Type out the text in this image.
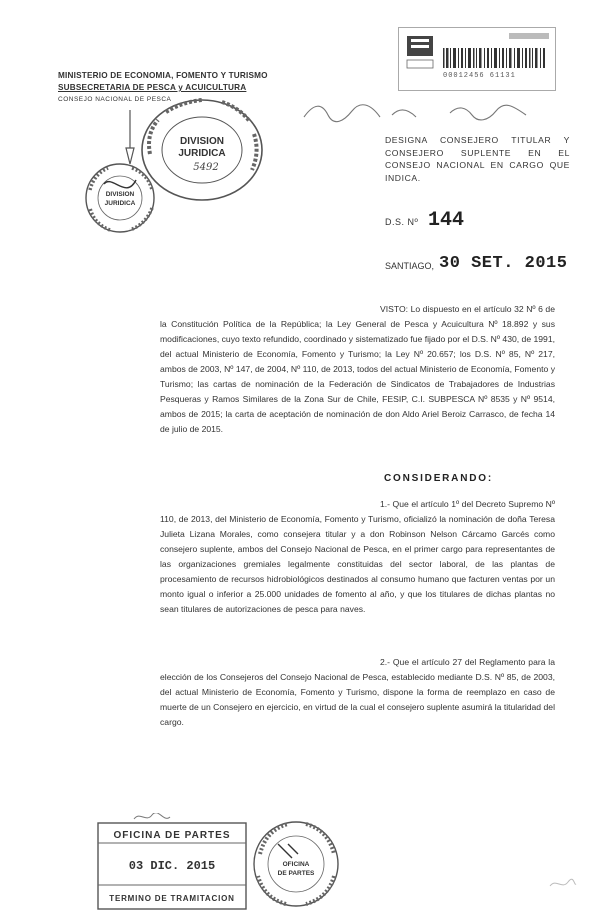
MINISTERIO DE ECONOMIA, FOMENTO Y TURISMO
SUBSECRETARIA DE PESCA y ACUICULTURA
CONSEJO NACIONAL DE PESCA
00012456 61131
DIVISION
JURIDICA
5492
DIVISION
JURIDICA
DESIGNA CONSEJERO TITULAR Y CONSEJERO SUPLENTE EN EL CONSEJO NACIONAL EN CARGO QUE INDICA.
D.S. Nº 144
SANTIAGO, 30 SET. 2015
VISTO: Lo dispuesto en el artículo 32 Nº 6 de la Constitución Política de la República; la Ley General de Pesca y Acuicultura Nº 18.892 y sus modificaciones, cuyo texto refundido, coordinado y sistematizado fue fijado por el D.S. Nº 430, de 1991, del actual Ministerio de Economía, Fomento y Turismo; la Ley Nº 20.657; los D.S. Nº 85, Nº 217, ambos de 2003, Nº 147, de 2004, Nº 110, de 2013, todos del actual Ministerio de Economía, Fomento y Turismo; las cartas de nominación de la Federación de Sindicatos de Trabajadores de Industrias Pesqueras y Ramos Similares de la Zona Sur de Chile, FESIP, C.I. SUBPESCA Nº 8535 y Nº 9514, ambos de 2015; la carta de aceptación de nominación de don Aldo Ariel Beroiz Carrasco, de fecha 14 de julio de 2015.
CONSIDERANDO:
1.- Que el artículo 1º del Decreto Supremo Nº 110, de 2013, del Ministerio de Economía, Fomento y Turismo, oficializó la nominación de doña Teresa Julieta Lizana Morales, como consejera titular y a don Robinson Nelson Cárcamo Garcés como consejero suplente, ambos del Consejo Nacional de Pesca, en el primer cargo para representantes de las organizaciones gremiales legalmente constituidas del sector laboral, de las plantas de procesamiento de recursos hidrobiológicos destinados al consumo humano que facturen ventas por un monto igual o inferior a 25.000 unidades de fomento al año, y que los titulares de dichas plantas no sean titulares de autorizaciones de pesca para naves.
2.- Que el artículo 27 del Reglamento para la elección de los Consejeros del Consejo Nacional de Pesca, establecido mediante D.S. Nº 85, de 2003, del actual Ministerio de Economía, Fomento y Turismo, dispone la forma de reemplazo en caso de muerte de un Consejero en ejercicio, en virtud de la cual el consejero suplente asumirá la titularidad del cargo.
OFICINA DE PARTES
03 DIC. 2015
TERMINO DE TRAMITACION
OFICINA
DE PARTES
